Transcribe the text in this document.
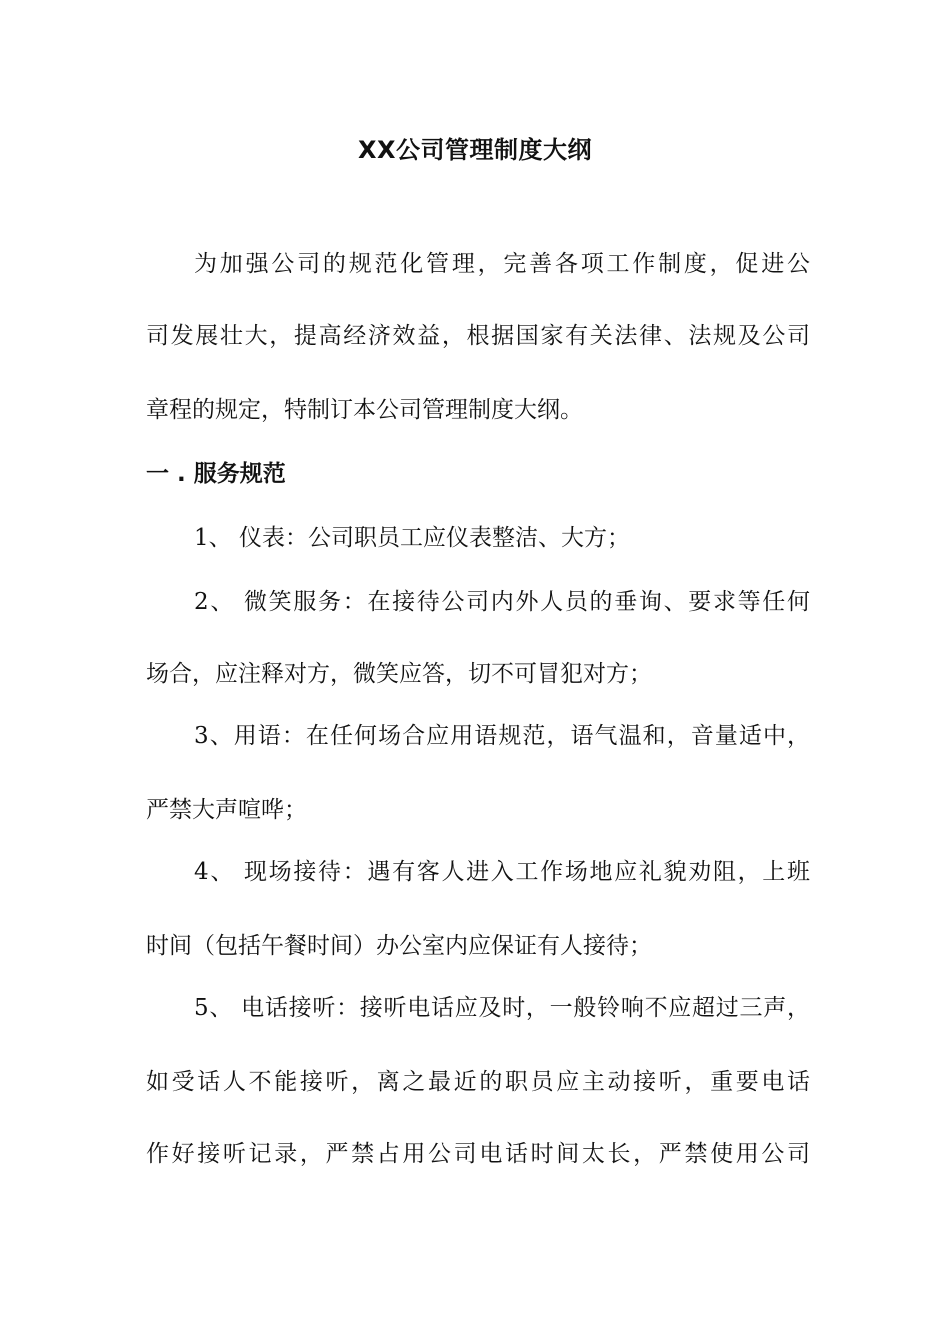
XX公司管理制度大纲
为加强公司的规范化管理，完善各项工作制度，促进公
司发展壮大，提高经济效益，根据国家有关法律、法规及公司
章程的规定，特制订本公司管理制度大纲。
一 . 服务规范
1、 仪表：公司职员工应仪表整洁、大方；
2、 微笑服务：在接待公司内外人员的垂询、要求等任何
场合，应注释对方，微笑应答，切不可冒犯对方；
3、用语：在任何场合应用语规范，语气温和，音量适中，
严禁大声喧哗；
4、 现场接待：遇有客人进入工作场地应礼貌劝阻，上班
时间（包括午餐时间）办公室内应保证有人接待；
5、 电话接听：接听电话应及时，一般铃响不应超过三声，
如受话人不能接听，离之最近的职员应主动接听，重要电话
作好接听记录，严禁占用公司电话时间太长，严禁使用公司
